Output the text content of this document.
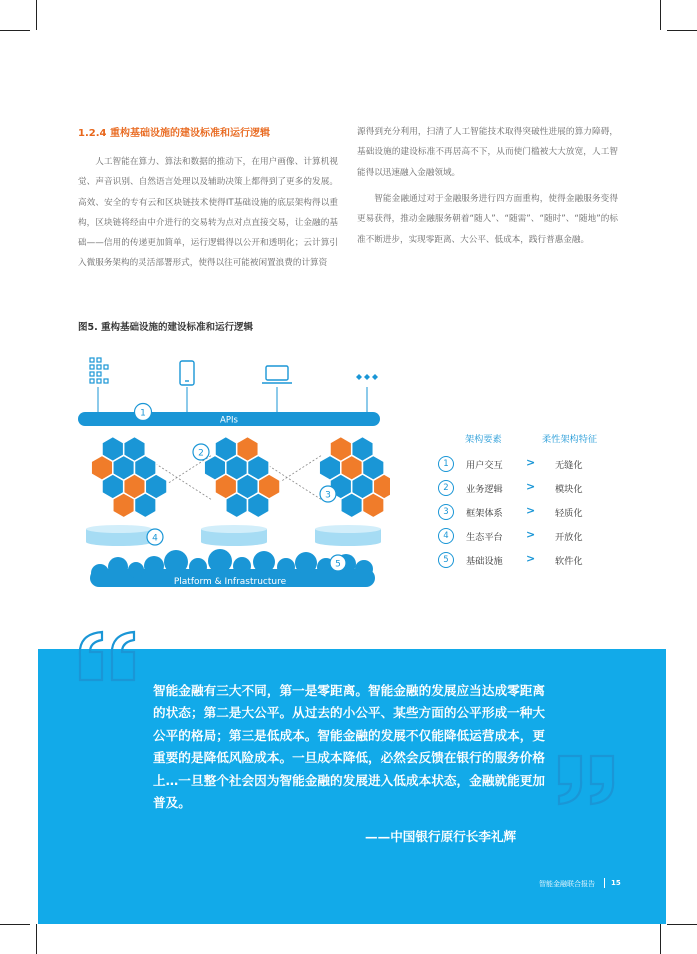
1.2.4 重构基础设施的建设标准和运行逻辑

人工智能在算力、算法和数据的推动下，在用户画像、计算机视觉、声音识别、自然语言处理以及辅助决策上都得到了更多的发展。高效、安全的专有云和区块链技术使得IT基础设施的底层架构得以重构，区块链将经由中介进行的交易转为点对点直接交易，让金融的基础——信用的传递更加简单，运行逻辑得以公开和透明化；云计算引入微服务架构的灵活部署形式，使得以往可能被闲置浪费的计算资

源得到充分利用，扫清了人工智能技术取得突破性进展的算力障碍，基础设施的建设标准不再居高不下，从而使门槛被大大放宽，人工智能得以迅速融入金融领域。

智能金融通过对于金融服务进行四方面重构，使得金融服务变得更易获得，推动金融服务朝着“随人”、“随需”、“随时”、“随地”的标准不断进步，实现零距离、大公平、低成本，践行普惠金融。

图5. 重构基础设施的建设标准和运行逻辑
APIs
1
2
3
4
Platform & Infrastructure
5
架构要素	柔性架构特征
1	用户交互 > 无缝化
2	业务逻辑 > 模块化
3	框架体系 > 轻质化
4	生态平台 > 开放化
5	基础设施 > 软件化

智能金融有三大不同，第一是零距离。智能金融的发展应当达成零距离的状态；第二是大公平。从过去的小公平、某些方面的公平形成一种大公平的格局；第三是低成本。智能金融的发展不仅能降低运营成本，更重要的是降低风险成本。一旦成本降低，必然会反馈在银行的服务价格上…一旦整个社会因为智能金融的发展进入低成本状态，金融就能更加普及。

——中国银行原行长李礼辉
智能金融联合报告 15
